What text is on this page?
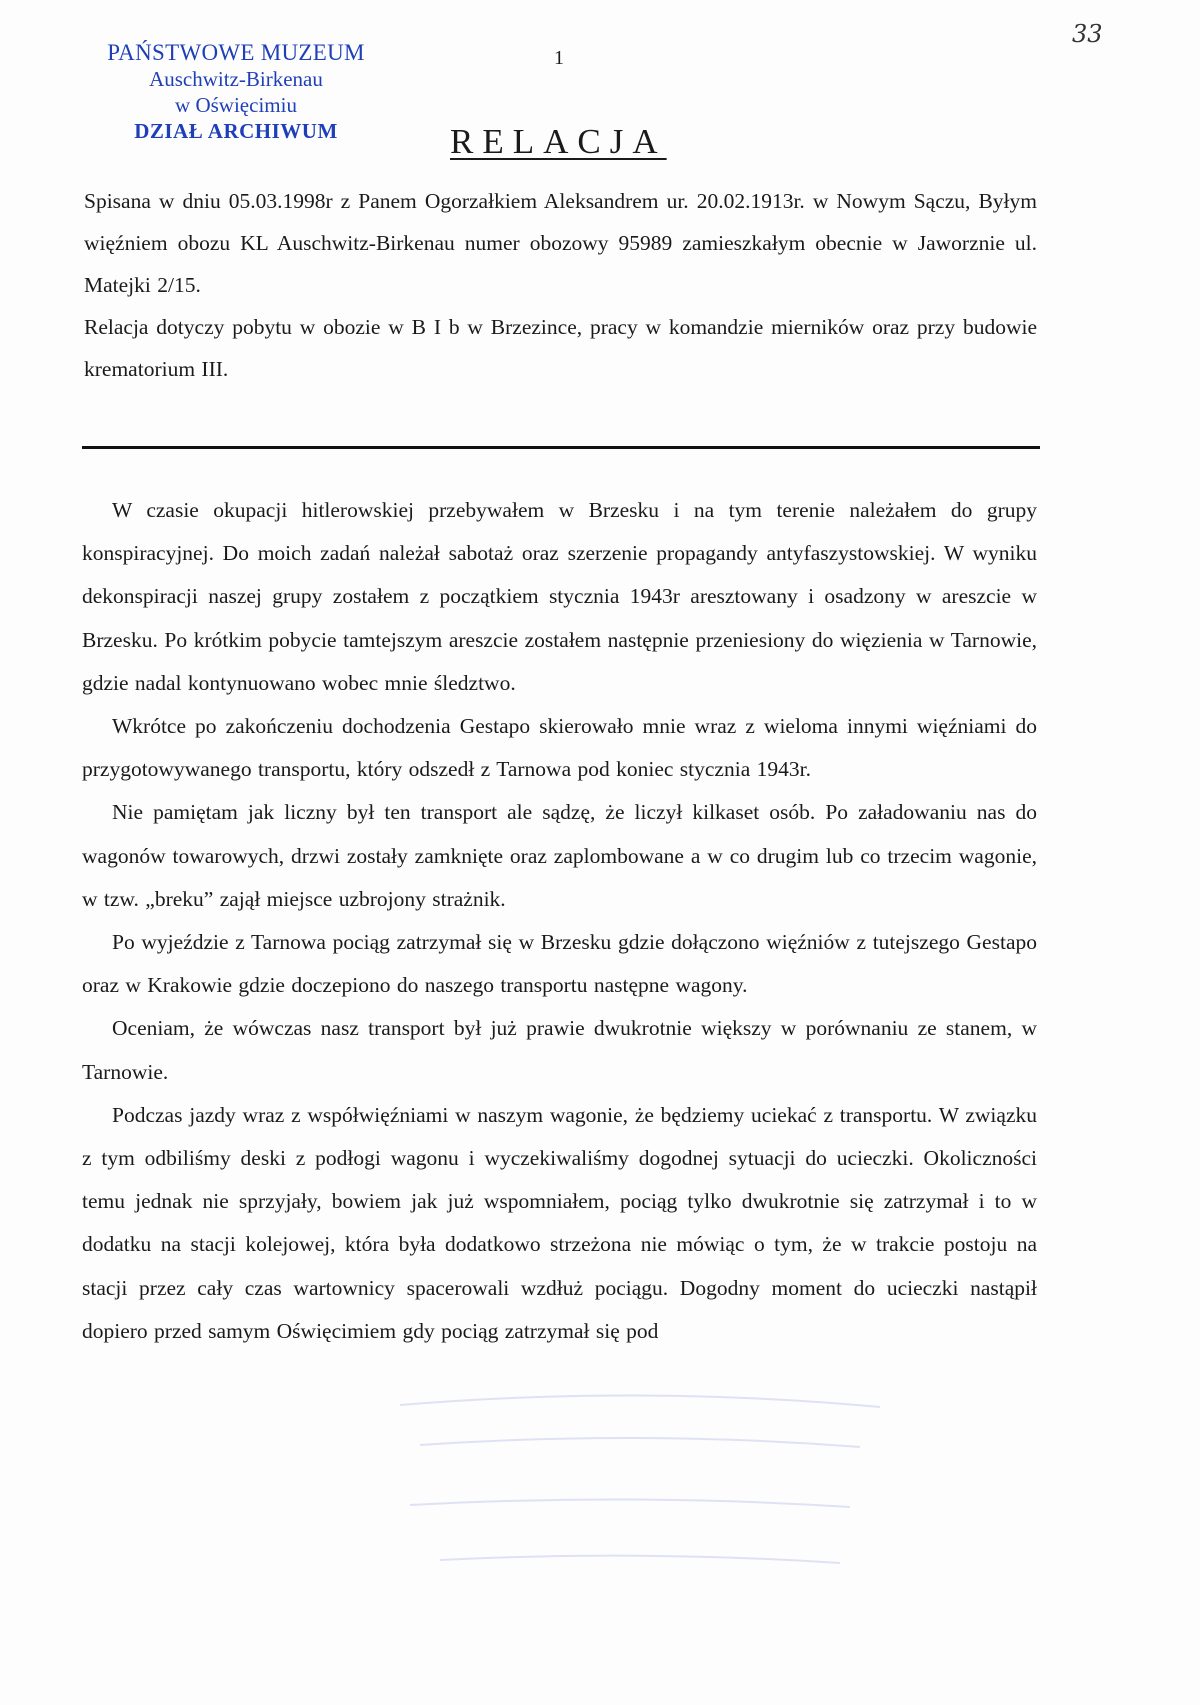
PAŃSTWOWE MUZEUM
Auschwitz-Birkenau
w Oświęcimiu
DZIAŁ ARCHIWUM
1
33
RELACJA

Spisana w dniu 05.03.1998r z Panem Ogorzałkiem Aleksandrem ur. 20.02.1913r. w Nowym Sączu, Byłym więźniem obozu KL Auschwitz-Birkenau numer obozowy 95989 zamieszkałym obecnie w Jaworznie ul. Matejki 2/15.

Relacja dotyczy pobytu w obozie w B I b w Brzezince, pracy w komandzie mierników oraz przy budowie krematorium III.

W czasie okupacji hitlerowskiej przebywałem w Brzesku i na tym terenie należałem do grupy konspiracyjnej. Do moich zadań należał sabotaż oraz szerzenie propagandy antyfaszystowskiej. W wyniku dekonspiracji naszej grupy zostałem z początkiem stycznia 1943r aresztowany i osadzony w areszcie w Brzesku. Po krótkim pobycie tamtejszym areszcie zostałem następnie przeniesiony do więzienia w Tarnowie, gdzie nadal kontynuowano wobec mnie śledztwo.

Wkrótce po zakończeniu dochodzenia Gestapo skierowało mnie wraz z wieloma innymi więźniami do przygotowywanego transportu, który odszedł z Tarnowa pod koniec stycznia 1943r.

Nie pamiętam jak liczny był ten transport ale sądzę, że liczył kilkaset osób. Po załadowaniu nas do wagonów towarowych, drzwi zostały zamknięte oraz zaplombowane a w co drugim lub co trzecim wagonie, w tzw. „breku” zajął miejsce uzbrojony strażnik.

Po wyjeździe z Tarnowa pociąg zatrzymał się w Brzesku gdzie dołączono więźniów z tutejszego Gestapo oraz w Krakowie gdzie doczepiono do naszego transportu następne wagony.

Oceniam, że wówczas nasz transport był już prawie dwukrotnie większy w porównaniu ze stanem, w Tarnowie.

Podczas jazdy wraz z współwięźniami w naszym wagonie, że będziemy uciekać z transportu. W związku z tym odbiliśmy deski z podłogi wagonu i wyczekiwaliśmy dogodnej sytuacji do ucieczki. Okoliczności temu jednak nie sprzyjały, bowiem jak już wspomniałem, pociąg tylko dwukrotnie się zatrzymał i to w dodatku na stacji kolejowej, która była dodatkowo strzeżona nie mówiąc o tym, że w trakcie postoju na stacji przez cały czas wartownicy spacerowali wzdłuż pociągu. Dogodny moment do ucieczki nastąpił dopiero przed samym Oświęcimiem gdy pociąg zatrzymał się pod
